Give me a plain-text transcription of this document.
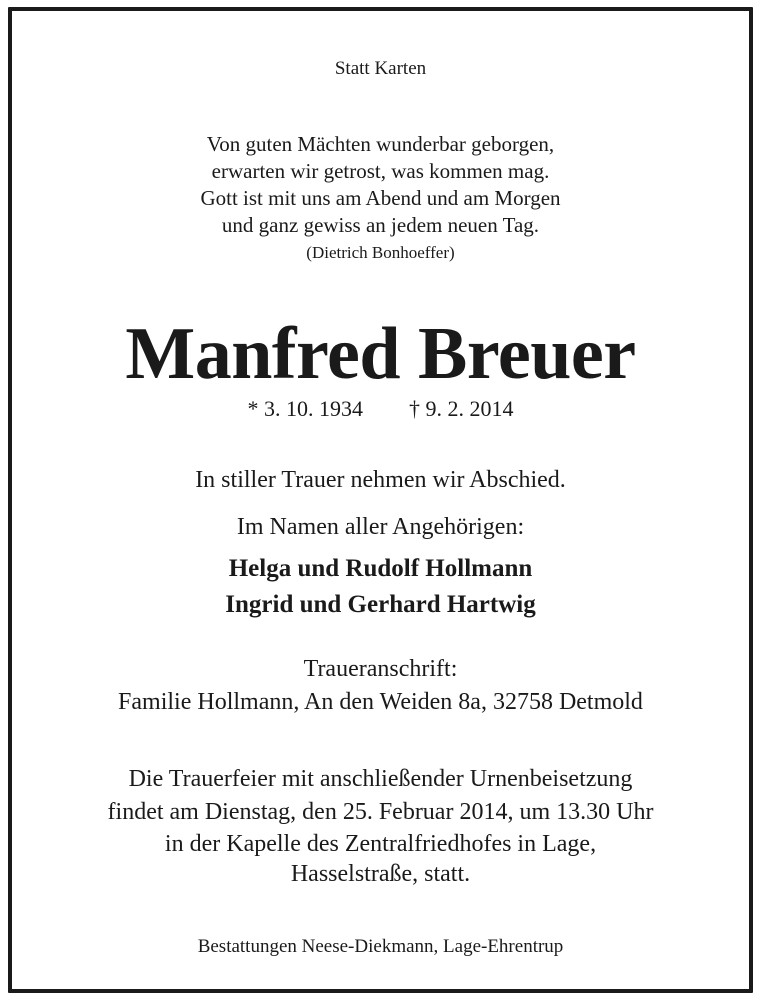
Statt Karten
Von guten Mächten wunderbar geborgen,
erwarten wir getrost, was kommen mag.
Gott ist mit uns am Abend und am Morgen
und ganz gewiss an jedem neuen Tag.
(Dietrich Bonhoeffer)
Manfred Breuer
* 3. 10. 1934 † 9. 2. 2014
In stiller Trauer nehmen wir Abschied.
Im Namen aller Angehörigen:
Helga und Rudolf Hollmann
Ingrid und Gerhard Hartwig
Traueranschrift:
Familie Hollmann, An den Weiden 8a, 32758 Detmold
Die Trauerfeier mit anschließender Urnenbeisetzung
findet am Dienstag, den 25. Februar 2014, um 13.30 Uhr
in der Kapelle des Zentralfriedhofes in Lage,
Hasselstraße, statt.
Bestattungen Neese-Diekmann, Lage-Ehrentrup
